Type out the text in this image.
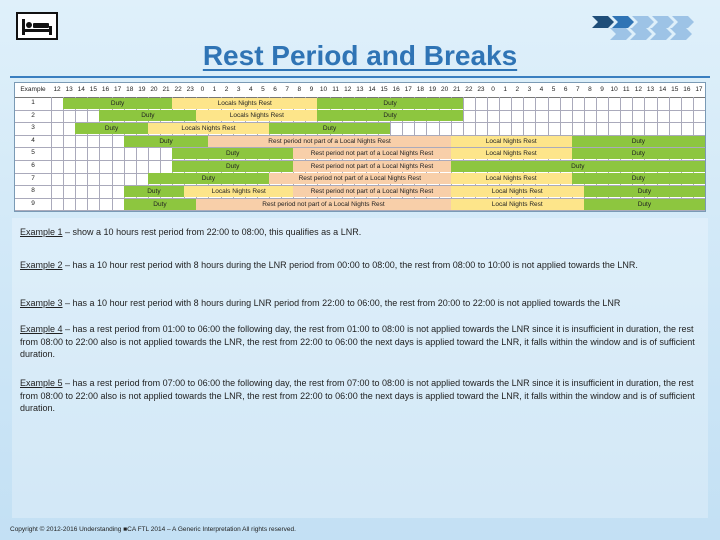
Rest Period and Breaks
Example	12 13 14 15 16 17 18 19 20 21 22 23	0	1	2	3	4	5	6	7	8	9	10 11 12 13 14 15 16 17 18 19 20 21 22 23	0	1	2	3	4	5	6	7	8	9	10 11 12 13 14 15 16 17
1	Duty	Locals Nights Rest	Duty
2	Duty	Locals Nights Rest	Duty
3	Duty	Locals Nights Rest	Duty
4	Duty	Rest period not part of a Local Nights Rest	Local Nights Rest	Duty
5	Duty	Rest period not part of a Local Nights Rest	Local Nights Rest	Duty
6	Duty	Rest period not part of a Local Nights Rest	Duty
7	Duty	Rest period not part of a Local Nights Rest	Local Nights Rest	Duty
8	Duty	Locals Nights Rest	Rest period not part of a Local Nights Rest	Local Nights Rest	Duty
9	Duty	Rest period not part of a Local Nights Rest	Local Nights Rest	Duty
Example 1 – show a 10 hours rest period from 22:00 to 08:00, this qualifies as a LNR.
Example 2 – has a 10 hour rest period with 8 hours during the LNR period from 00:00 to 08:00, the rest from 08:00 to 10:00 is not applied towards the LNR.
Example 3 – has a 10 hour rest period with 8 hours during LNR period from 22:00 to 06:00, the rest from 20:00 to 22:00 is not applied towards the LNR
Example 4 – has a rest period from 01:00 to 06:00 the following day, the rest from 01:00 to 08:00 is not applied towards the LNR since it is insufficient in duration, the rest from 08:00 to 22:00 also is not applied towards the LNR, the rest from 22:00 to 06:00 the next days is applied toward the LNR, it falls within the window and is of sufficient duration.
Example 5 – has a rest period from 07:00 to 06:00 the following day, the rest from 07:00 to 08:00 is not applied towards the LNR since it is insufficient in duration, the rest from 08:00 to 22:00 also is not applied towards the LNR, the rest from 22:00 to 06:00 the next days is applied toward the LNR, it falls within the window and is of sufficient duration.
Copyright © 2012-2016 Understanding ■CA FTL 2014 – A Generic Interpretation All rights reserved.
